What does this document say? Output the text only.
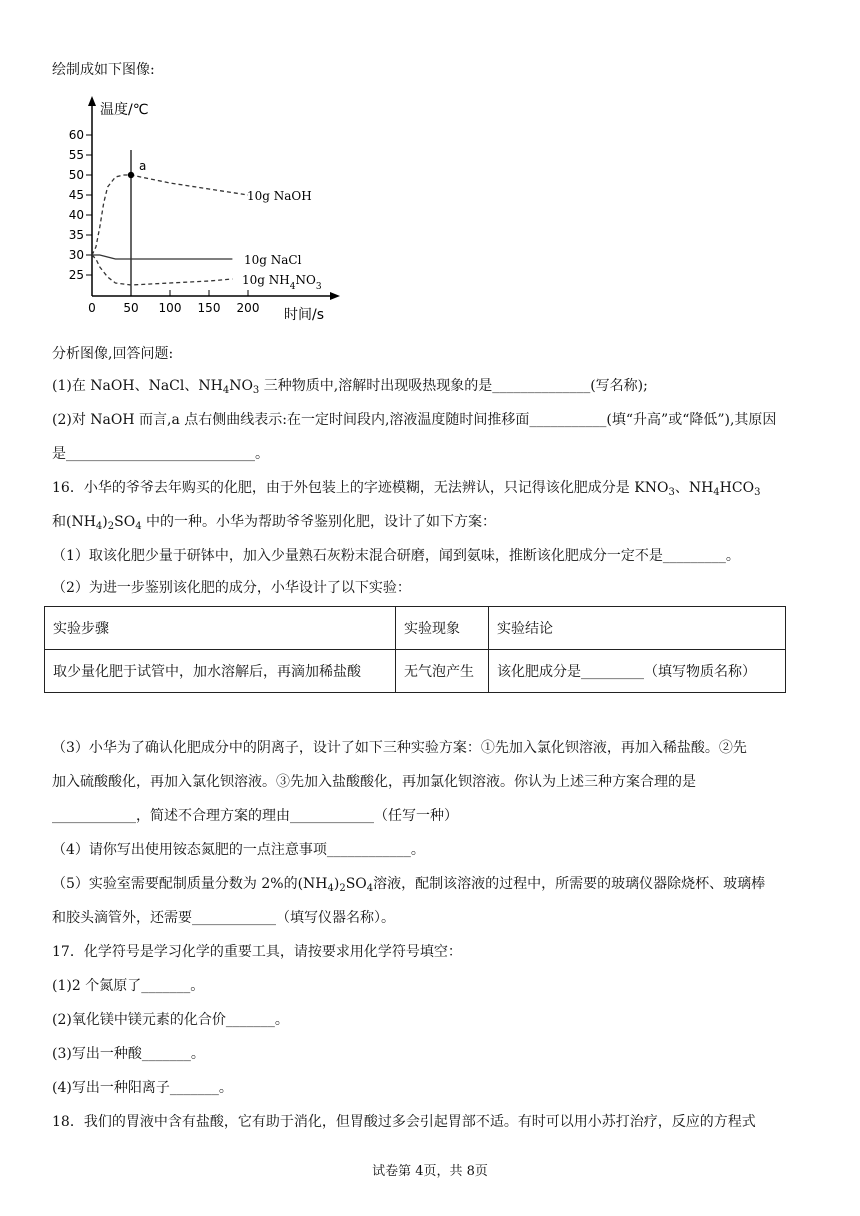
绘制成如下图像:
温度/℃
时间/s
25
30
35
40
45
50
55
60
0 50 100 150 200
10g NaOH
10g NaCl
10g $NH_4NO_3$
a
分析图像,回答问题:
(1)在 NaOH、NaCl、$NH_4NO_3$ 三种物质中,溶解时出现吸热现象的是______________(写名称);
(2)对 NaOH 而言,a 点右侧曲线表示:在一定时间段内,溶液温度随时间推移面___________(填“升高”或“降低”),其原因
是___________________________。
16．小华的爷爷去年购买的化肥，由于外包装上的字迹模糊，无法辨认，只记得该化肥成分是 $KNO_3$、$NH_4HCO_3$
和$(NH_4)_2SO_4$ 中的一种。小华为帮助爷爷鉴别化肥，设计了如下方案：
（1）取该化肥少量于研钵中，加入少量熟石灰粉末混合研磨，闻到氨味，推断该化肥成分一定不是_________。
（2）为进一步鉴别该化肥的成分，小华设计了以下实验：
实验步骤	实验现象	实验结论
取少量化肥于试管中，加水溶解后，再滴加稀盐酸	无气泡产生	该化肥成分是_________（填写物质名称）
（3）小华为了确认化肥成分中的阴离子，设计了如下三种实验方案：①先加入氯化钡溶液，再加入稀盐酸。②先
加入硫酸酸化，再加入氯化钡溶液。③先加入盐酸酸化，再加氯化钡溶液。你认为上述三种方案合理的是
____________，简述不合理方案的理由____________（任写一种）
（4）请你写出使用铵态氮肥的一点注意事项____________。
（5）实验室需要配制质量分数为 2%的$(NH_4)_2SO_4$溶液，配制该溶液的过程中，所需要的玻璃仪器除烧杯、玻璃棒
和胶头滴管外，还需要____________（填写仪器名称）。
17．化学符号是学习化学的重要工具，请按要求用化学符号填空：
(1)2 个氮原了_______。
(2)氧化镁中镁元素的化合价_______。
(3)写出一种酸_______。
(4)写出一种阳离子_______。
18．我们的胃液中含有盐酸，它有助于消化，但胃酸过多会引起胃部不适。有时可以用小苏打治疗，反应的方程式
试卷第 4页，共 8页
